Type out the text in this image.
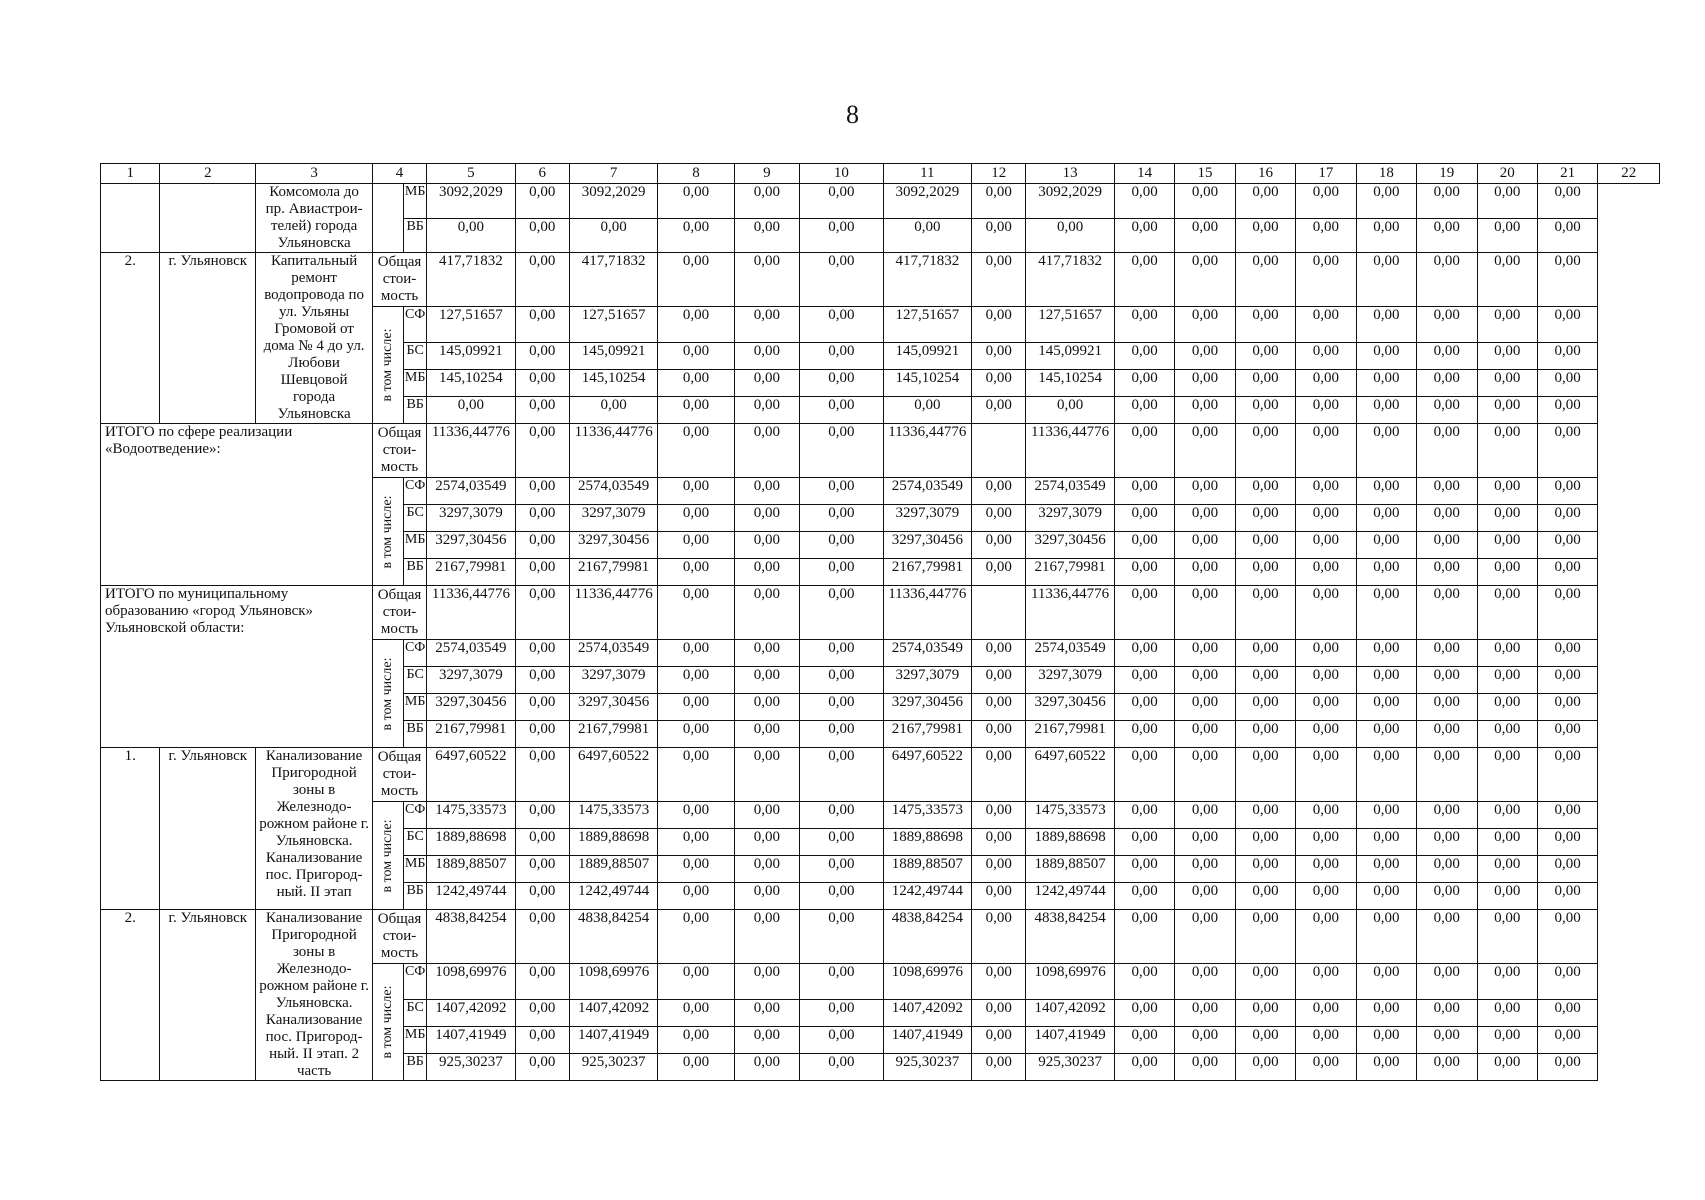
8
1	2	3	4		5	6	7	8	9	10	11	12	13	14	15	16	17	18	19	20	21	22
		Комсомола до пр. Авиастрои-телей) города Ульяновска		МБ	3092,2029	0,00	3092,2029	0,00	0,00	0,00	3092,2029	0,00	3092,2029	0,00	0,00	0,00	0,00	0,00	0,00	0,00	0,00	
				ВБ	0,00	0,00	0,00	0,00	0,00	0,00	0,00	0,00	0,00	0,00	0,00	0,00	0,00	0,00	0,00	0,00	0,00	
2.	г. Ульяновск	Капитальный ремонт водопровода по ул. Ульяны Громовой от дома № 4 до ул. Любови Шевцовой города Ульяновска	Общая стои-мость		417,71832	0,00	417,71832	0,00	0,00	0,00	417,71832	0,00	417,71832	0,00	0,00	0,00	0,00	0,00	0,00	0,00	0,00	

			в том числе:	СФ	127,51657	0,00	127,51657	0,00	0,00	0,00	127,51657	0,00	127,51657	0,00	0,00	0,00	0,00	0,00	0,00	0,00	0,00	
				БС	145,09921	0,00	145,09921	0,00	0,00	0,00	145,09921	0,00	145,09921	0,00	0,00	0,00	0,00	0,00	0,00	0,00	0,00	
				МБ	145,10254	0,00	145,10254	0,00	0,00	0,00	145,10254	0,00	145,10254	0,00	0,00	0,00	0,00	0,00	0,00	0,00	0,00	
				ВБ	0,00	0,00	0,00	0,00	0,00	0,00	0,00	0,00	0,00	0,00	0,00	0,00	0,00	0,00	0,00	0,00	0,00	
ИТОГО по сфере реализации «Водоотведение»:			Общая стои-мость		11336,44776	0,00	11336,44776	0,00	0,00	0,00	11336,44776		11336,44776	0,00	0,00	0,00	0,00	0,00	0,00	0,00	0,00	

			в том числе:	СФ	2574,03549	0,00	2574,03549	0,00	0,00	0,00	2574,03549	0,00	2574,03549	0,00	0,00	0,00	0,00	0,00	0,00	0,00	0,00	
				БС	3297,3079	0,00	3297,3079	0,00	0,00	0,00	3297,3079	0,00	3297,3079	0,00	0,00	0,00	0,00	0,00	0,00	0,00	0,00	
				МБ	3297,30456	0,00	3297,30456	0,00	0,00	0,00	3297,30456	0,00	3297,30456	0,00	0,00	0,00	0,00	0,00	0,00	0,00	0,00	
				ВБ	2167,79981	0,00	2167,79981	0,00	0,00	0,00	2167,79981	0,00	2167,79981	0,00	0,00	0,00	0,00	0,00	0,00	0,00	0,00	
ИТОГО по муниципальному образованию «город Ульяновск» Ульяновской области:			Общая стои-мость		11336,44776	0,00	11336,44776	0,00	0,00	0,00	11336,44776		11336,44776	0,00	0,00	0,00	0,00	0,00	0,00	0,00	0,00	

			в том числе:	СФ	2574,03549	0,00	2574,03549	0,00	0,00	0,00	2574,03549	0,00	2574,03549	0,00	0,00	0,00	0,00	0,00	0,00	0,00	0,00	
				БС	3297,3079	0,00	3297,3079	0,00	0,00	0,00	3297,3079	0,00	3297,3079	0,00	0,00	0,00	0,00	0,00	0,00	0,00	0,00	
				МБ	3297,30456	0,00	3297,30456	0,00	0,00	0,00	3297,30456	0,00	3297,30456	0,00	0,00	0,00	0,00	0,00	0,00	0,00	0,00	
				ВБ	2167,79981	0,00	2167,79981	0,00	0,00	0,00	2167,79981	0,00	2167,79981	0,00	0,00	0,00	0,00	0,00	0,00	0,00	0,00	
1.	г. Ульяновск	Канализование Пригородной зоны в Железнодо-рожном районе г. Ульяновска. Канализование пос. Пригород-ный. II этап	Общая стои-мость		6497,60522	0,00	6497,60522	0,00	0,00	0,00	6497,60522	0,00	6497,60522	0,00	0,00	0,00	0,00	0,00	0,00	0,00	0,00	

			в том числе:	СФ	1475,33573	0,00	1475,33573	0,00	0,00	0,00	1475,33573	0,00	1475,33573	0,00	0,00	0,00	0,00	0,00	0,00	0,00	0,00	
				БС	1889,88698	0,00	1889,88698	0,00	0,00	0,00	1889,88698	0,00	1889,88698	0,00	0,00	0,00	0,00	0,00	0,00	0,00	0,00	
				МБ	1889,88507	0,00	1889,88507	0,00	0,00	0,00	1889,88507	0,00	1889,88507	0,00	0,00	0,00	0,00	0,00	0,00	0,00	0,00	
				ВБ	1242,49744	0,00	1242,49744	0,00	0,00	0,00	1242,49744	0,00	1242,49744	0,00	0,00	0,00	0,00	0,00	0,00	0,00	0,00	
2.	г. Ульяновск	Канализование Пригородной зоны в Железнодо-рожном районе г. Ульяновска. Канализование пос. Пригород-ный. II этап. 2 часть	Общая стои-мость		4838,84254	0,00	4838,84254	0,00	0,00	0,00	4838,84254	0,00	4838,84254	0,00	0,00	0,00	0,00	0,00	0,00	0,00	0,00	

			в том числе:	СФ	1098,69976	0,00	1098,69976	0,00	0,00	0,00	1098,69976	0,00	1098,69976	0,00	0,00	0,00	0,00	0,00	0,00	0,00	0,00	
				БС	1407,42092	0,00	1407,42092	0,00	0,00	0,00	1407,42092	0,00	1407,42092	0,00	0,00	0,00	0,00	0,00	0,00	0,00	0,00	
				МБ	1407,41949	0,00	1407,41949	0,00	0,00	0,00	1407,41949	0,00	1407,41949	0,00	0,00	0,00	0,00	0,00	0,00	0,00	0,00	
				ВБ	925,30237	0,00	925,30237	0,00	0,00	0,00	925,30237	0,00	925,30237	0,00	0,00	0,00	0,00	0,00	0,00	0,00	0,00	
